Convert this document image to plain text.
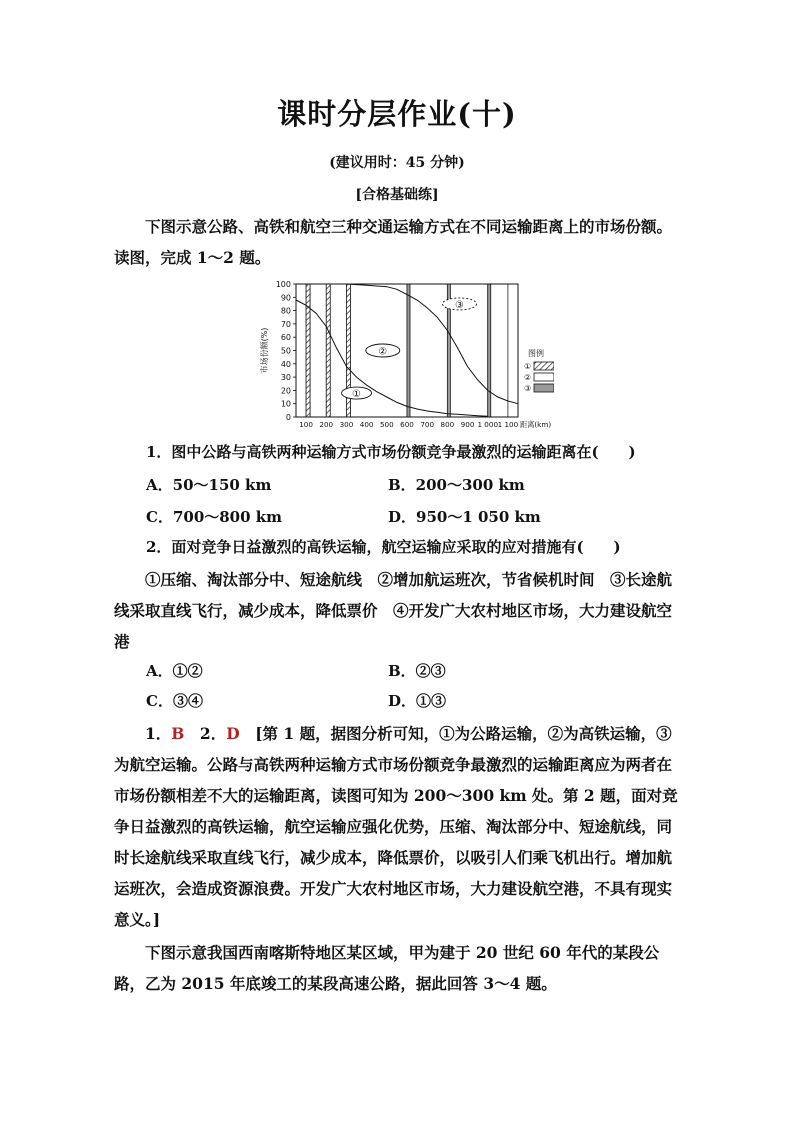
课时分层作业(十)
(建议用时：45 分钟)
[合格基础练]
下图示意公路、高铁和航空三种交通运输方式在不同运输距离上的市场份额。读图，完成 1～2 题。
100
90
80
70
60
50
40
30
20
10
0
100 200 300 400 500 600 700 800 900 1 000 1 100 距离(km)
市场份额(%)
①
②
③
图例
①
②
③
1．图中公路与高铁两种运输方式市场份额竞争最激烈的运输距离在(　　)
A．50～150 km	B．200～300 km
C．700～800 km	D．950～1 050 km
2．面对竞争日益激烈的高铁运输，航空运输应采取的应对措施有(　　)
①压缩、淘汰部分中、短途航线　②增加航运班次，节省候机时间　③长途航线采取直线飞行，减少成本，降低票价　④开发广大农村地区市场，大力建设航空港
A．①②	B．②③
C．③④	D．①③
1．B　 2．D　 [第 1 题，据图分析可知，①为公路运输，②为高铁运输，③为航空运输。公路与高铁两种运输方式市场份额竞争最激烈的运输距离应为两者在市场份额相差不大的运输距离，读图可知为 200～300 km 处。第 2 题，面对竞争日益激烈的高铁运输，航空运输应强化优势，压缩、淘汰部分中、短途航线，同时长途航线采取直线飞行，减少成本，降低票价，以吸引人们乘飞机出行。增加航运班次，会造成资源浪费。开发广大农村地区市场，大力建设航空港，不具有现实意义。]
下图示意我国西南喀斯特地区某区域，甲为建于 20 世纪 60 年代的某段公路，乙为 2015 年底竣工的某段高速公路，据此回答 3～4 题。
